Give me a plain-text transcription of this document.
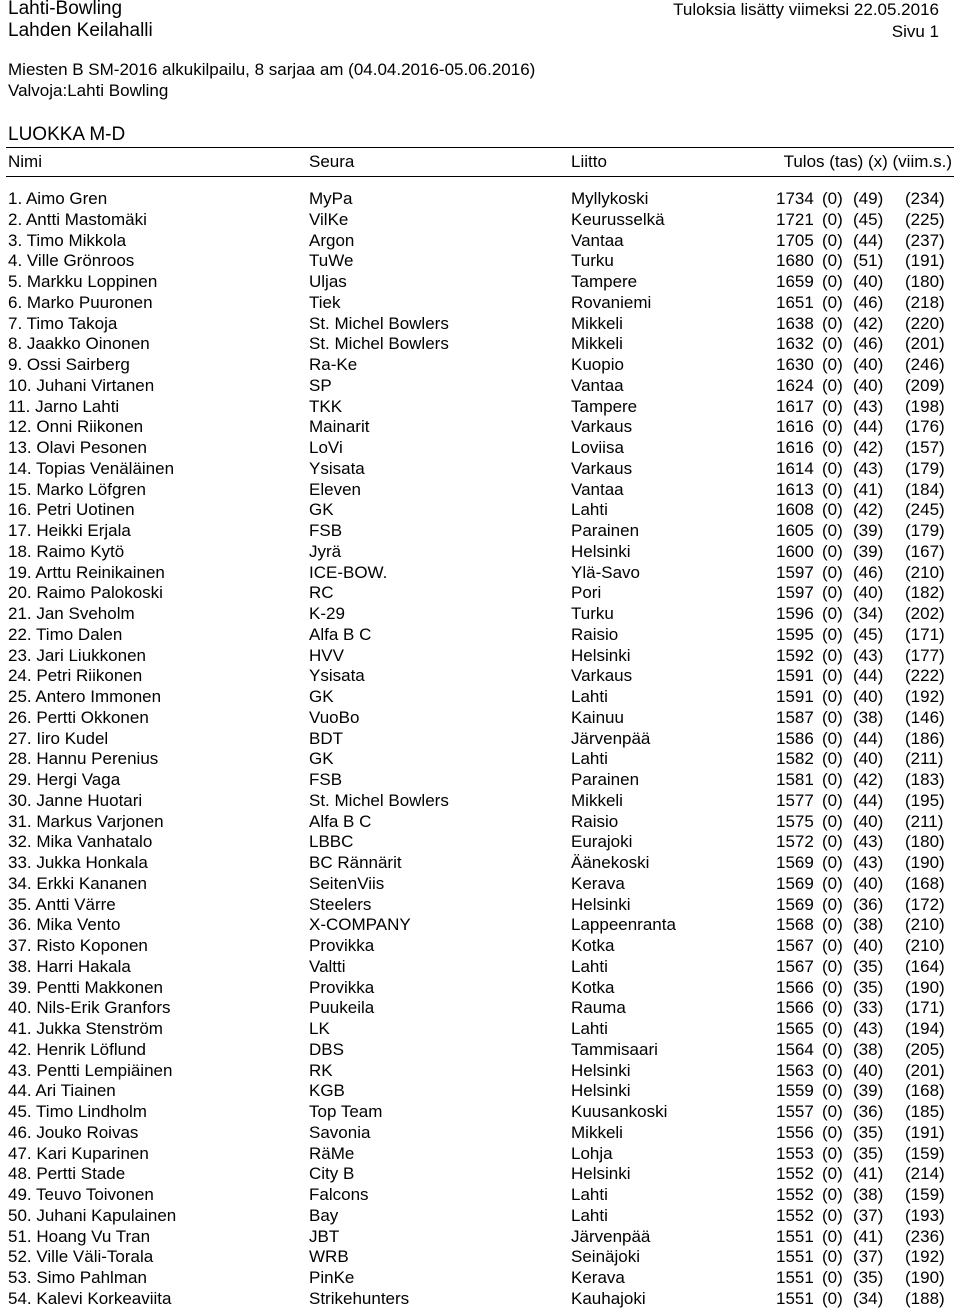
Lahti-Bowling
Lahden Keilahalli
Tuloksia lisätty viimeksi 22.05.2016
Sivu 1
Miesten B SM-2016 alkukilpailu, 8 sarjaa am (04.04.2016-05.06.2016)
Valvoja:Lahti Bowling
LUOKKA M-D
Nimi	Seura	Liitto	Tulos (tas) (x) (viim.s.)
1. Aimo Gren	MyPa	Myllykoski	1734 (0) (49) (234)
2. Antti Mastomäki	VilKe	Keurusselkä	1721 (0) (45) (225)
3. Timo Mikkola	Argon	Vantaa	1705 (0) (44) (237)
4. Ville Grönroos	TuWe	Turku	1680 (0) (51) (191)
5. Markku Loppinen	Uljas	Tampere	1659 (0) (40) (180)
6. Marko Puuronen	Tiek	Rovaniemi	1651 (0) (46) (218)
7. Timo Takoja	St. Michel Bowlers	Mikkeli	1638 (0) (42) (220)
8. Jaakko Oinonen	St. Michel Bowlers	Mikkeli	1632 (0) (46) (201)
9. Ossi Sairberg	Ra-Ke	Kuopio	1630 (0) (40) (246)
10. Juhani Virtanen	SP	Vantaa	1624 (0) (40) (209)
11. Jarno Lahti	TKK	Tampere	1617 (0) (43) (198)
12. Onni Riikonen	Mainarit	Varkaus	1616 (0) (44) (176)
13. Olavi Pesonen	LoVi	Loviisa	1616 (0) (42) (157)
14. Topias Venäläinen	Ysisata	Varkaus	1614 (0) (43) (179)
15. Marko Löfgren	Eleven	Vantaa	1613 (0) (41) (184)
16. Petri Uotinen	GK	Lahti	1608 (0) (42) (245)
17. Heikki Erjala	FSB	Parainen	1605 (0) (39) (179)
18. Raimo Kytö	Jyrä	Helsinki	1600 (0) (39) (167)
19. Arttu Reinikainen	ICE-BOW.	Ylä-Savo	1597 (0) (46) (210)
20. Raimo Palokoski	RC	Pori	1597 (0) (40) (182)
21. Jan Sveholm	K-29	Turku	1596 (0) (34) (202)
22. Timo Dalen	Alfa B C	Raisio	1595 (0) (45) (171)
23. Jari Liukkonen	HVV	Helsinki	1592 (0) (43) (177)
24. Petri Riikonen	Ysisata	Varkaus	1591 (0) (44) (222)
25. Antero Immonen	GK	Lahti	1591 (0) (40) (192)
26. Pertti Okkonen	VuoBo	Kainuu	1587 (0) (38) (146)
27. Iiro Kudel	BDT	Järvenpää	1586 (0) (44) (186)
28. Hannu Perenius	GK	Lahti	1582 (0) (40) (211)
29. Hergi Vaga	FSB	Parainen	1581 (0) (42) (183)
30. Janne Huotari	St. Michel Bowlers	Mikkeli	1577 (0) (44) (195)
31. Markus Varjonen	Alfa B C	Raisio	1575 (0) (40) (211)
32. Mika Vanhatalo	LBBC	Eurajoki	1572 (0) (43) (180)
33. Jukka Honkala	BC Rännärit	Äänekoski	1569 (0) (43) (190)
34. Erkki Kananen	SeitenViis	Kerava	1569 (0) (40) (168)
35. Antti Värre	Steelers	Helsinki	1569 (0) (36) (172)
36. Mika Vento	X-COMPANY	Lappeenranta	1568 (0) (38) (210)
37. Risto Koponen	Provikka	Kotka	1567 (0) (40) (210)
38. Harri Hakala	Valtti	Lahti	1567 (0) (35) (164)
39. Pentti Makkonen	Provikka	Kotka	1566 (0) (35) (190)
40. Nils-Erik Granfors	Puukeila	Rauma	1566 (0) (33) (171)
41. Jukka Stenström	LK	Lahti	1565 (0) (43) (194)
42. Henrik Löflund	DBS	Tammisaari	1564 (0) (38) (205)
43. Pentti Lempiäinen	RK	Helsinki	1563 (0) (40) (201)
44. Ari Tiainen	KGB	Helsinki	1559 (0) (39) (168)
45. Timo Lindholm	Top Team	Kuusankoski	1557 (0) (36) (185)
46. Jouko Roivas	Savonia	Mikkeli	1556 (0) (35) (191)
47. Kari Kuparinen	RäMe	Lohja	1553 (0) (35) (159)
48. Pertti Stade	City B	Helsinki	1552 (0) (41) (214)
49. Teuvo Toivonen	Falcons	Lahti	1552 (0) (38) (159)
50. Juhani Kapulainen	Bay	Lahti	1552 (0) (37) (193)
51. Hoang Vu Tran	JBT	Järvenpää	1551 (0) (41) (236)
52. Ville Väli-Torala	WRB	Seinäjoki	1551 (0) (37) (192)
53. Simo Pahlman	PinKe	Kerava	1551 (0) (35) (190)
54. Kalevi Korkeaviita	Strikehunters	Kauhajoki	1551 (0) (34) (188)
